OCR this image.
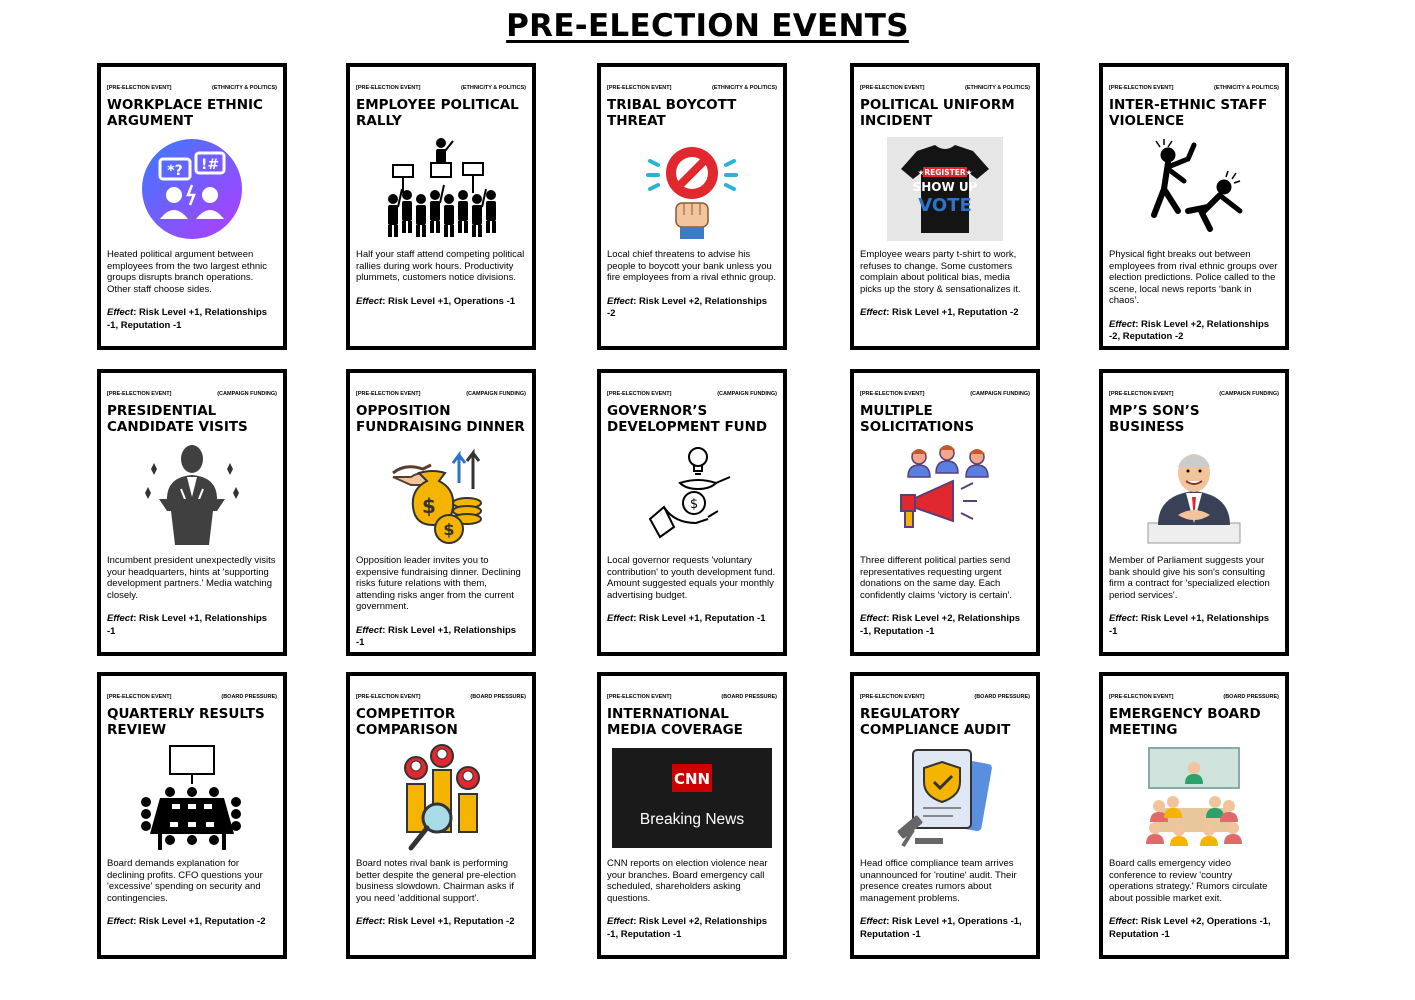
PRE-ELECTION EVENTS
[PRE-ELECTION EVENT]	(ETHNICITY & POLITICS)
WORKPLACE ETHNIC ARGUMENT
*? !#
Heated political argument between employees from the two largest ethnic groups disrupts branch operations. Other staff choose sides.
Effect: Risk Level +1, Relationships -1, Reputation -1
[PRE-ELECTION EVENT]	(ETHNICITY & POLITICS)
EMPLOYEE POLITICAL RALLY
Half your staff attend competing political rallies during work hours. Productivity plummets, customers notice divisions.
Effect: Risk Level +1, Operations -1
[PRE-ELECTION EVENT]	(ETHNICITY & POLITICS)
TRIBAL BOYCOTT THREAT
Local chief threatens to advise his people to boycott your bank unless you fire employees from a rival ethnic group.
Effect: Risk Level +2, Relationships -2
[PRE-ELECTION EVENT]	(ETHNICITY & POLITICS)
POLITICAL UNIFORM INCIDENT
★REGISTER★
SHOW UP
VOTE
Employee wears party t-shirt to work, refuses to change. Some customers complain about political bias, media picks up the story & sensationalizes it.
Effect: Risk Level +1, Reputation -2
[PRE-ELECTION EVENT]	(ETHNICITY & POLITICS)
INTER-ETHNIC STAFF VIOLENCE
Physical fight breaks out between employees from rival ethnic groups over election predictions. Police called to the scene, local news reports ‘bank in chaos’.
Effect: Risk Level +2, Relationships -2, Reputation -2
[PRE-ELECTION EVENT]	(CAMPAIGN FUNDING)
PRESIDENTIAL CANDIDATE VISITS
Incumbent president unexpectedly visits your headquarters, hints at 'supporting development partners.' Media watching closely.
Effect: Risk Level +1, Relationships -1
[PRE-ELECTION EVENT]	(CAMPAIGN FUNDING)
OPPOSITION FUNDRAISING DINNER
$
$
Opposition leader invites you to expensive fundraising dinner. Declining risks future relations with them, attending risks anger from the current government.
Effect: Risk Level +1, Relationships -1
[PRE-ELECTION EVENT]	(CAMPAIGN FUNDING)
GOVERNOR’S DEVELOPMENT FUND
$
Local governor requests 'voluntary contribution' to youth development fund. Amount suggested equals your monthly advertising budget.
Effect: Risk Level +1, Reputation -1
[PRE-ELECTION EVENT]	(CAMPAIGN FUNDING)
MULTIPLE SOLICITATIONS
Three different political parties send representatives requesting urgent donations on the same day. Each confidently claims 'victory is certain'.
Effect: Risk Level +2, Relationships -1, Reputation -1
[PRE-ELECTION EVENT]	(CAMPAIGN FUNDING)
MP’S SON’S BUSINESS
Member of Parliament suggests your bank should give his son's consulting firm a contract for 'specialized election period services'.
Effect: Risk Level +1, Relationships -1
[PRE-ELECTION EVENT]	(BOARD PRESSURE)
QUARTERLY RESULTS REVIEW
Board demands explanation for declining profits. CFO questions your 'excessive' spending on security and contingencies.
Effect: Risk Level +1, Reputation -2
[PRE-ELECTION EVENT]	(BOARD PRESSURE)
COMPETITOR COMPARISON
Board notes rival bank is performing better despite the general pre-election business slowdown. Chairman asks if you need 'additional support'.
Effect: Risk Level +1, Reputation -2
[PRE-ELECTION EVENT]	(BOARD PRESSURE)
INTERNATIONAL MEDIA COVERAGE
CNN
Breaking News
CNN reports on election violence near your branches. Board emergency call scheduled, shareholders asking questions.
Effect: Risk Level +2, Relationships -1, Reputation -1
[PRE-ELECTION EVENT]	(BOARD PRESSURE)
REGULATORY COMPLIANCE AUDIT
Head office compliance team arrives unannounced for 'routine' audit. Their presence creates rumors about management problems.
Effect: Risk Level +1, Operations -1, Reputation -1
[PRE-ELECTION EVENT]	(BOARD PRESSURE)
EMERGENCY BOARD MEETING
Board calls emergency video conference to review 'country operations strategy.' Rumors circulate about possible market exit.
Effect: Risk Level +2, Operations -1, Reputation -1
